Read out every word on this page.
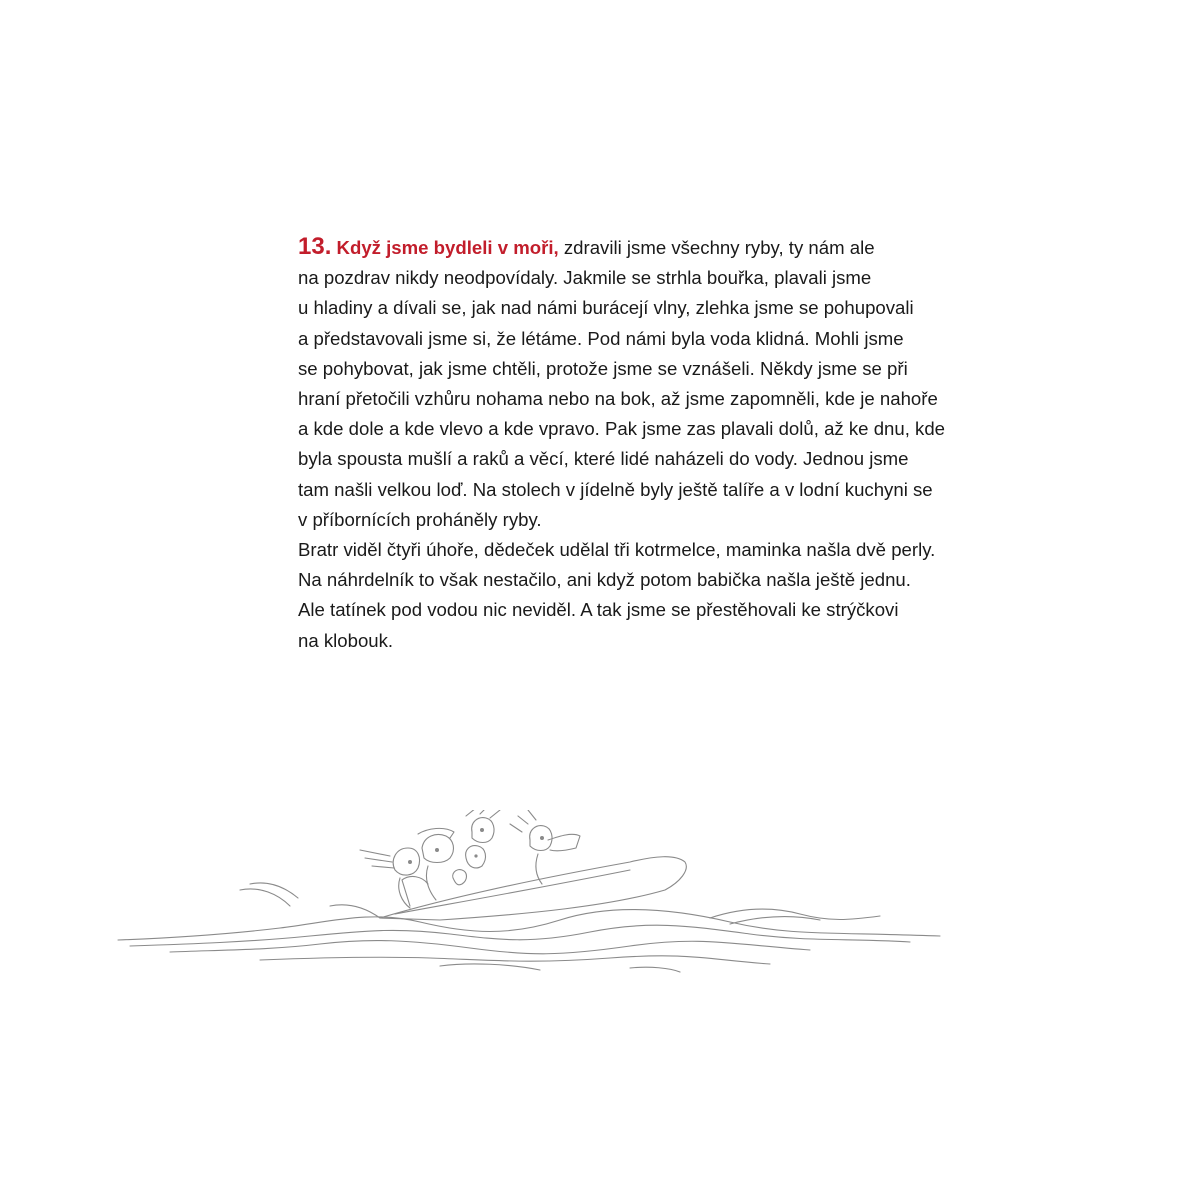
13. Když jsme bydleli v moři, zdravili jsme všechny ryby, ty nám ale
na pozdrav nikdy neodpovídaly. Jakmile se strhla bouřka, plavali jsme
u hladiny a dívali se, jak nad námi burácejí vlny, zlehka jsme se pohupovali
a představovali jsme si, že létáme. Pod námi byla voda klidná. Mohli jsme
se pohybovat, jak jsme chtěli, protože jsme se vznášeli. Někdy jsme se při
hraní přetočili vzhůru nohama nebo na bok, až jsme zapomněli, kde je nahoře
a kde dole a kde vlevo a kde vpravo. Pak jsme zas plavali dolů, až ke dnu, kde
byla spousta mušlí a raků a věcí, které lidé naházeli do vody. Jednou jsme
tam našli velkou loď. Na stolech v jídelně byly ještě talíře a v lodní kuchyni se
v příbornících proháněly ryby.
Bratr viděl čtyři úhoře, dědeček udělal tři kotrmelce, maminka našla dvě perly.
Na náhrdelník to však nestačilo, ani když potom babička našla ještě jednu.
Ale tatínek pod vodou nic neviděl. A tak jsme se přestěhovali ke strýčkovi
na klobouk.
